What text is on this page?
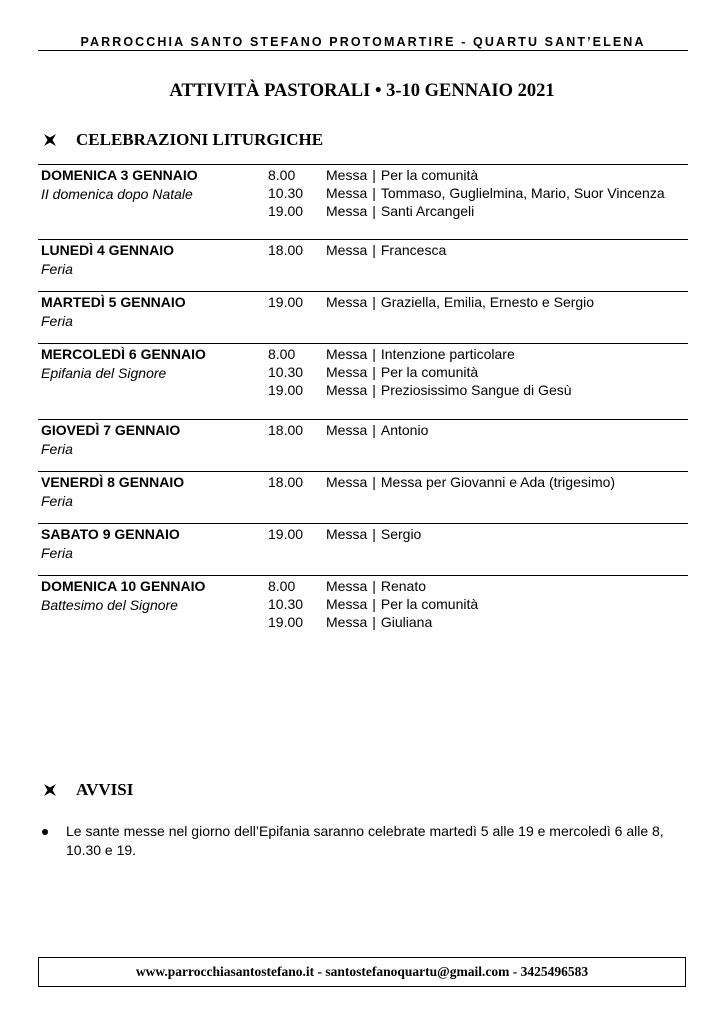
PARROCCHIA SANTO STEFANO PROTOMARTIRE - QUARTU SANT’ELENA
ATTIVITÀ PASTORALI • 3-10 GENNAIO 2021
CELEBRAZIONI LITURGICHE
DOMENICA 3 GENNAIO
II domenica dopo Natale
8.00	Messa | Per la comunità
10.30	Messa | Tommaso, Guglielmina, Mario, Suor Vincenza
19.00	Messa | Santi Arcangeli
LUNEDÌ 4 GENNAIO
Feria
18.00	Messa | Francesca
MARTEDÌ 5 GENNAIO
Feria
19.00	Messa | Graziella, Emilia, Ernesto e Sergio
MERCOLEDÌ 6 GENNAIO
Epifania del Signore
8.00	Messa | Intenzione particolare
10.30	Messa | Per la comunità
19.00	Messa | Preziosissimo Sangue di Gesù
GIOVEDÌ 7 GENNAIO
Feria
18.00	Messa | Antonio
VENERDÌ 8 GENNAIO
Feria
18.00	Messa | Messa per Giovanni e Ada (trigesimo)
SABATO 9 GENNAIO
Feria
19.00	Messa | Sergio
DOMENICA 10 GENNAIO
Battesimo del Signore
8.00	Messa | Renato
10.30	Messa | Per la comunità
19.00	Messa | Giuliana
AVVISI
Le sante messe nel giorno dell’Epifania saranno celebrate martedì 5 alle 19 e mercoledì 6 alle 8, 10.30 e 19.
www.parrocchiasantostefano.it - santostefanoquartu@gmail.com - 3425496583
